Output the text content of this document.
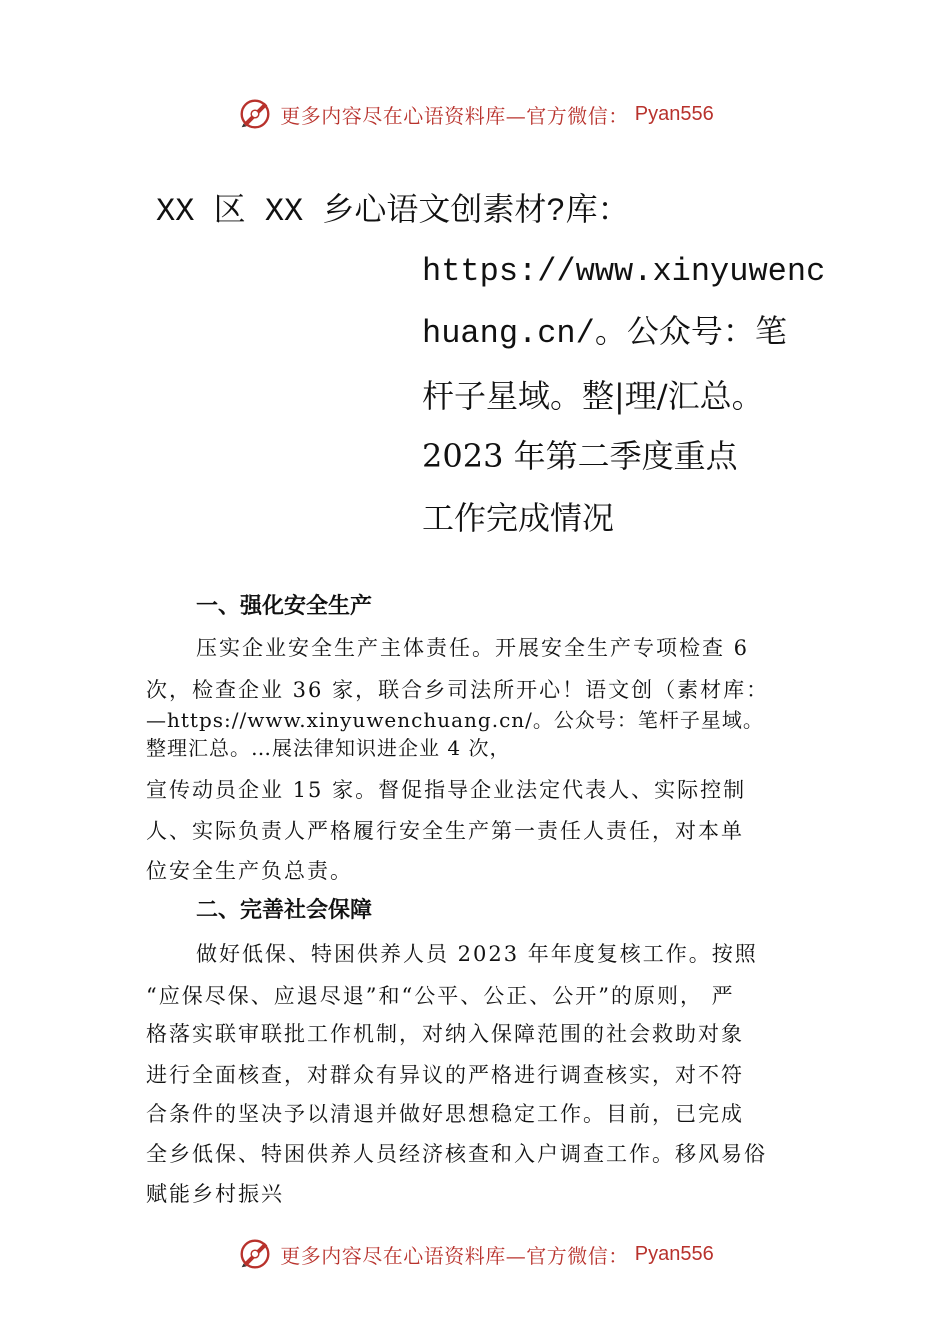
更多内容尽在心语资料库—官方微信： Pyan556
XX 区 XX 乡心语文创素材?库：
https://www.xinyuwenc
huang.cn/。公众号：笔
杆子星域。整|理/汇总。
2023 年第二季度重点
工作完成情况
一、强化安全生产
压实企业安全生产主体责任。开展安全生产专项检查 6
次，检查企业 36 家，联合乡司法所开心！语文创（素材库：
—https://www.xinyuwenchuang.cn/。公众号：笔杆子星域。
整理汇总。…展法律知识进企业 4 次，
宣传动员企业 15 家。督促指导企业法定代表人、实际控制
人、实际负责人严格履行安全生产第一责任人责任，对本单
位安全生产负总责。
二、完善社会保障
做好低保、特困供养人员 2023 年年度复核工作。按照
“应保尽保、应退尽退”和“公平、公正、公开”的原则， 严
格落实联审联批工作机制，对纳入保障范围的社会救助对象
进行全面核查，对群众有异议的严格进行调查核实，对不符
合条件的坚决予以清退并做好思想稳定工作。目前，已完成
全乡低保、特困供养人员经济核查和入户调查工作。移风易俗
赋能乡村振兴
更多内容尽在心语资料库—官方微信： Pyan556
